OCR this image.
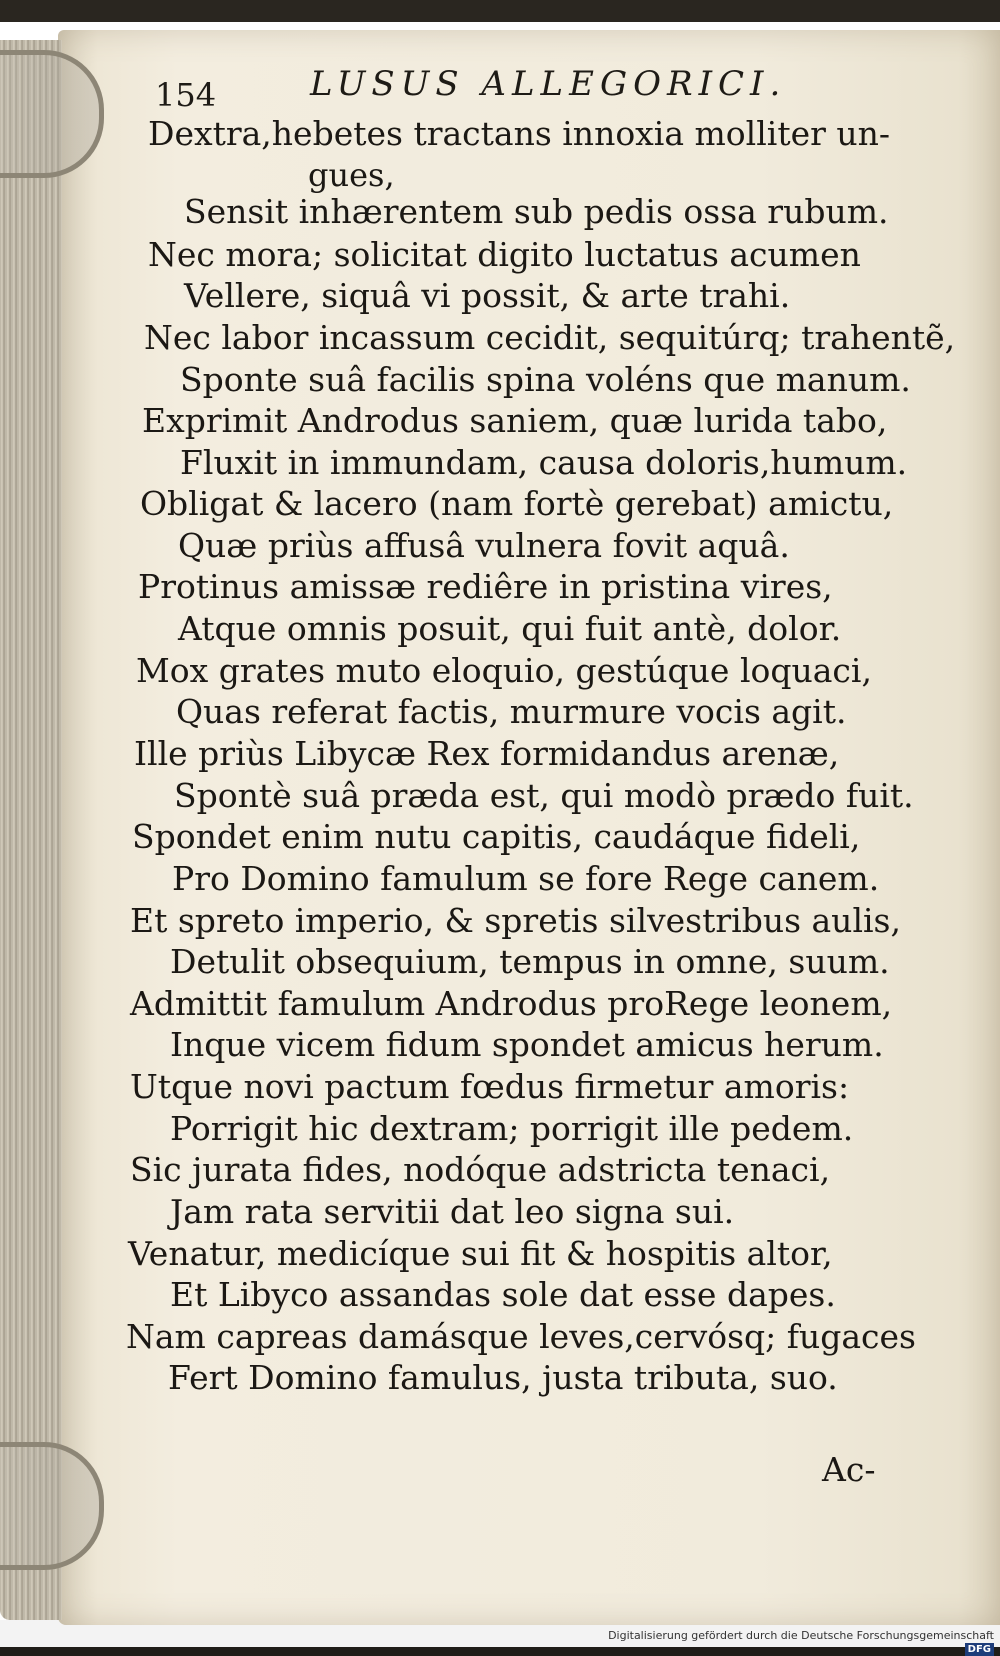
154	LUSUS ALLEGORICI.
Dextra,hebetes tractans innoxia molliter un-
gues,
Sensit inhærentem sub pedis ossa rubum.
Nec mora; solicitat digito luctatus acumen
Vellere, siquâ vi possit, & arte trahi.
Nec labor incassum cecidit, sequitúrq; trahentẽ,
Sponte suâ facilis spina voléns que manum.
Exprimit Androdus saniem, quæ lurida tabo,
Fluxit in immundam, causa doloris,humum.
Obligat & lacero (nam fortè gerebat) amictu,
Quæ priùs affusâ vulnera fovit aquâ.
Protinus amissæ rediêre in pristina vires,
Atque omnis posuit, qui fuit antè, dolor.
Mox grates muto eloquio, gestúque loquaci,
Quas referat factis, murmure vocis agit.
Ille priùs Libycæ Rex formidandus arenæ,
Spontè suâ præda est, qui modò prædo fuit.
Spondet enim nutu capitis, caudáque fideli,
Pro Domino famulum se fore Rege canem.
Et spreto imperio, & spretis silvestribus aulis,
Detulit obsequium, tempus in omne, suum.
Admittit famulum Androdus proRege leonem,
Inque vicem fidum spondet amicus herum.
Utque novi pactum fœdus firmetur amoris:
Porrigit hic dextram; porrigit ille pedem.
Sic jurata fides, nodóque adstricta tenaci,
Jam rata servitii dat leo signa sui.
Venatur, medicíque sui fit & hospitis altor,
Et Libyco assandas sole dat esse dapes.
Nam capreas damásque leves,cervósq; fugaces
Fert Domino famulus, justa tributa, suo.
Ac-
Digitalisierung gefördert durch die Deutsche Forschungsgemeinschaft DFG
